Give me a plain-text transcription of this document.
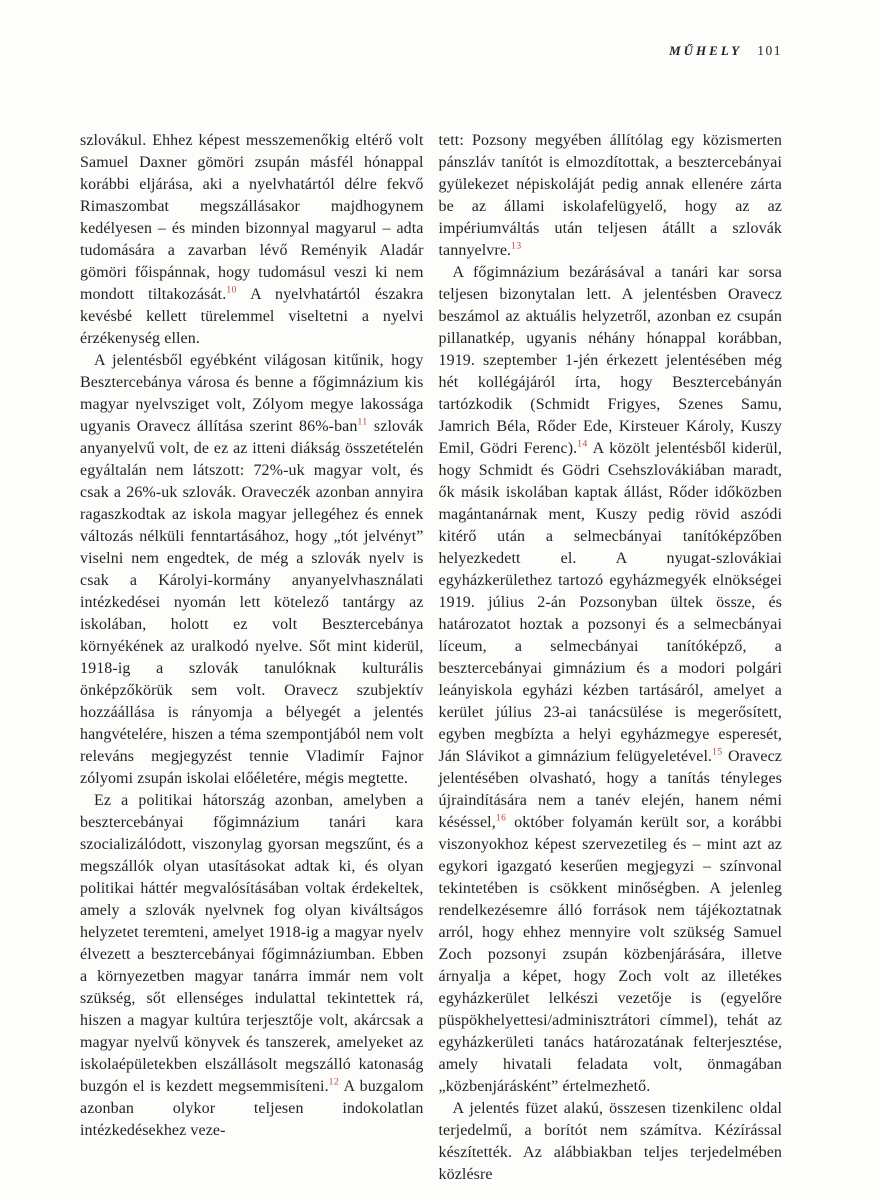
MŰHELY 101

szlovákul. Ehhez képest messzemenőkig eltérő volt Samuel Daxner gömöri zsupán másfél hónappal korábbi eljárása, aki a nyelvhatártól délre fekvő Rimaszombat megszállásakor majdhogynem kedélyesen – és minden bizonnyal magyarul – adta tudomására a zavarban lévő Reményik Aladár gömöri főispánnak, hogy tudomásul veszi ki nem mondott tiltakozását.$^{10}$ A nyelvhatártól északra kevésbé kellett türelemmel viseltetni a nyelvi érzékenység ellen.

A jelentésből egyébként világosan kitűnik, hogy Besztercebánya városa és benne a főgimnázium kis magyar nyelvsziget volt, Zólyom megye lakossága ugyanis Oravecz állítása szerint 86%-ban$^{11}$ szlovák anyanyelvű volt, de ez az itteni diákság összetételén egyáltalán nem látszott: 72%-uk magyar volt, és csak a 26%-uk szlovák. Oraveczék azonban annyira ragaszkodtak az iskola magyar jellegéhez és ennek változás nélküli fenntartásához, hogy „tót jelvényt” viselni nem engedtek, de még a szlovák nyelv is csak a Károlyi-kormány anyanyelvhasználati intézkedései nyomán lett kötelező tantárgy az iskolában, holott ez volt Besztercebánya környékének az uralkodó nyelve. Sőt mint kiderül, 1918-ig a szlovák tanulóknak kulturális önképzőkörük sem volt. Oravecz szubjektív hozzáállása is rányomja a bélyegét a jelentés hangvételére, hiszen a téma szempontjából nem volt releváns megjegyzést tennie Vladimír Fajnor zólyomi zsupán iskolai előéletére, mégis megtette.

Ez a politikai hátország azonban, amelyben a besztercebányai főgimnázium tanári kara szocializálódott, viszonylag gyorsan megszűnt, és a megszállók olyan utasításokat adtak ki, és olyan politikai háttér megvalósításában voltak érdekeltek, amely a szlovák nyelvnek fog olyan kiváltságos helyzetet teremteni, amelyet 1918-ig a magyar nyelv élvezett a besztercebányai főgimnáziumban. Ebben a környezetben magyar tanárra immár nem volt szükség, sőt ellenséges indulattal tekintettek rá, hiszen a magyar kultúra terjesztője volt, akárcsak a magyar nyelvű könyvek és tanszerek, amelyeket az iskolaépületekben elszállásolt megszálló katonaság buzgón el is kezdett megsemmisíteni.$^{12}$ A buzgalom azonban olykor teljesen indokolatlan intézkedésekhez veze-

tett: Pozsony megyében állítólag egy közismerten pánszláv tanítót is elmozdítottak, a besztercebányai gyülekezet népiskoláját pedig annak ellenére zárta be az állami iskolafelügyelő, hogy az az impériumváltás után teljesen átállt a szlovák tannyelvre.$^{13}$

A főgimnázium bezárásával a tanári kar sorsa teljesen bizonytalan lett. A jelentésben Oravecz beszámol az aktuális helyzetről, azonban ez csupán pillanatkép, ugyanis néhány hónappal korábban, 1919. szeptember 1-jén érkezett jelentésében még hét kollégájáról írta, hogy Besztercebányán tartózkodik (Schmidt Frigyes, Szenes Samu, Jamrich Béla, Rőder Ede, Kirsteuer Károly, Kuszy Emil, Gödri Ferenc).$^{14}$ A közölt jelentésből kiderül, hogy Schmidt és Gödri Csehszlovákiában maradt, ők másik iskolában kaptak állást, Rőder időközben magántanárnak ment, Kuszy pedig rövid aszódi kitérő után a selmecbányai tanítóképzőben helyezkedett el. A nyugat-szlovákiai egyházkerülethez tartozó egyházmegyék elnökségei 1919. július 2-án Pozsonyban ültek össze, és határozatot hoztak a pozsonyi és a selmecbányai líceum, a selmecbányai tanítóképző, a besztercebányai gimnázium és a modori polgári leányiskola egyházi kézben tartásáról, amelyet a kerület július 23-ai tanácsülése is megerősített, egyben megbízta a helyi egyházmegye esperesét, Ján Slávikot a gimnázium felügyeletével.$^{15}$ Oravecz jelentésében olvasható, hogy a tanítás tényleges újraindítására nem a tanév elején, hanem némi késéssel,$^{16}$ október folyamán került sor, a korábbi viszonyokhoz képest szervezetileg és – mint azt az egykori igazgató keserűen megjegyzi – színvonal tekintetében is csökkent minőségben. A jelenleg rendelkezésemre álló források nem tájékoztatnak arról, hogy ehhez mennyire volt szükség Samuel Zoch pozsonyi zsupán közbenjárására, illetve árnyalja a képet, hogy Zoch volt az illetékes egyházkerület lelkészi vezetője is (egyelőre püspökhelyettesi/adminisztrátori címmel), tehát az egyházkerületi tanács határozatának felterjesztése, amely hivatali feladata volt, önmagában „közbenjárásként” értelmezhető.

A jelentés füzet alakú, összesen tizenkilenc oldal terjedelmű, a borítót nem számítva. Kézírással készítették. Az alábbiakban teljes terjedelmében közlésre
